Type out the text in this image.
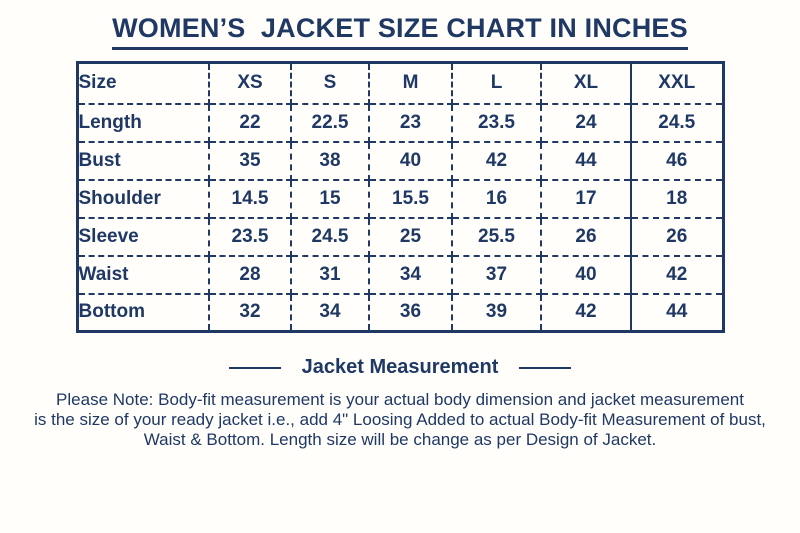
WOMEN’S  JACKET SIZE CHART IN INCHES
Size	XS	S	M	L	XL	XXL
Length	22	22.5	23	23.5	24	24.5
Bust	35	38	40	42	44	46
Shoulder	14.5	15	15.5	16	17	18
Sleeve	23.5	24.5	25	25.5	26	26
Waist	28	31	34	37	40	42
Bottom	32	34	36	39	42	44
Jacket Measurement
Please Note: Body-fit measurement is your actual body dimension and jacket measurement
is the size of your ready jacket i.e., add 4" Loosing Added to actual Body-fit Measurement of bust,
Waist & Bottom. Length size will be change as per Design of Jacket.
